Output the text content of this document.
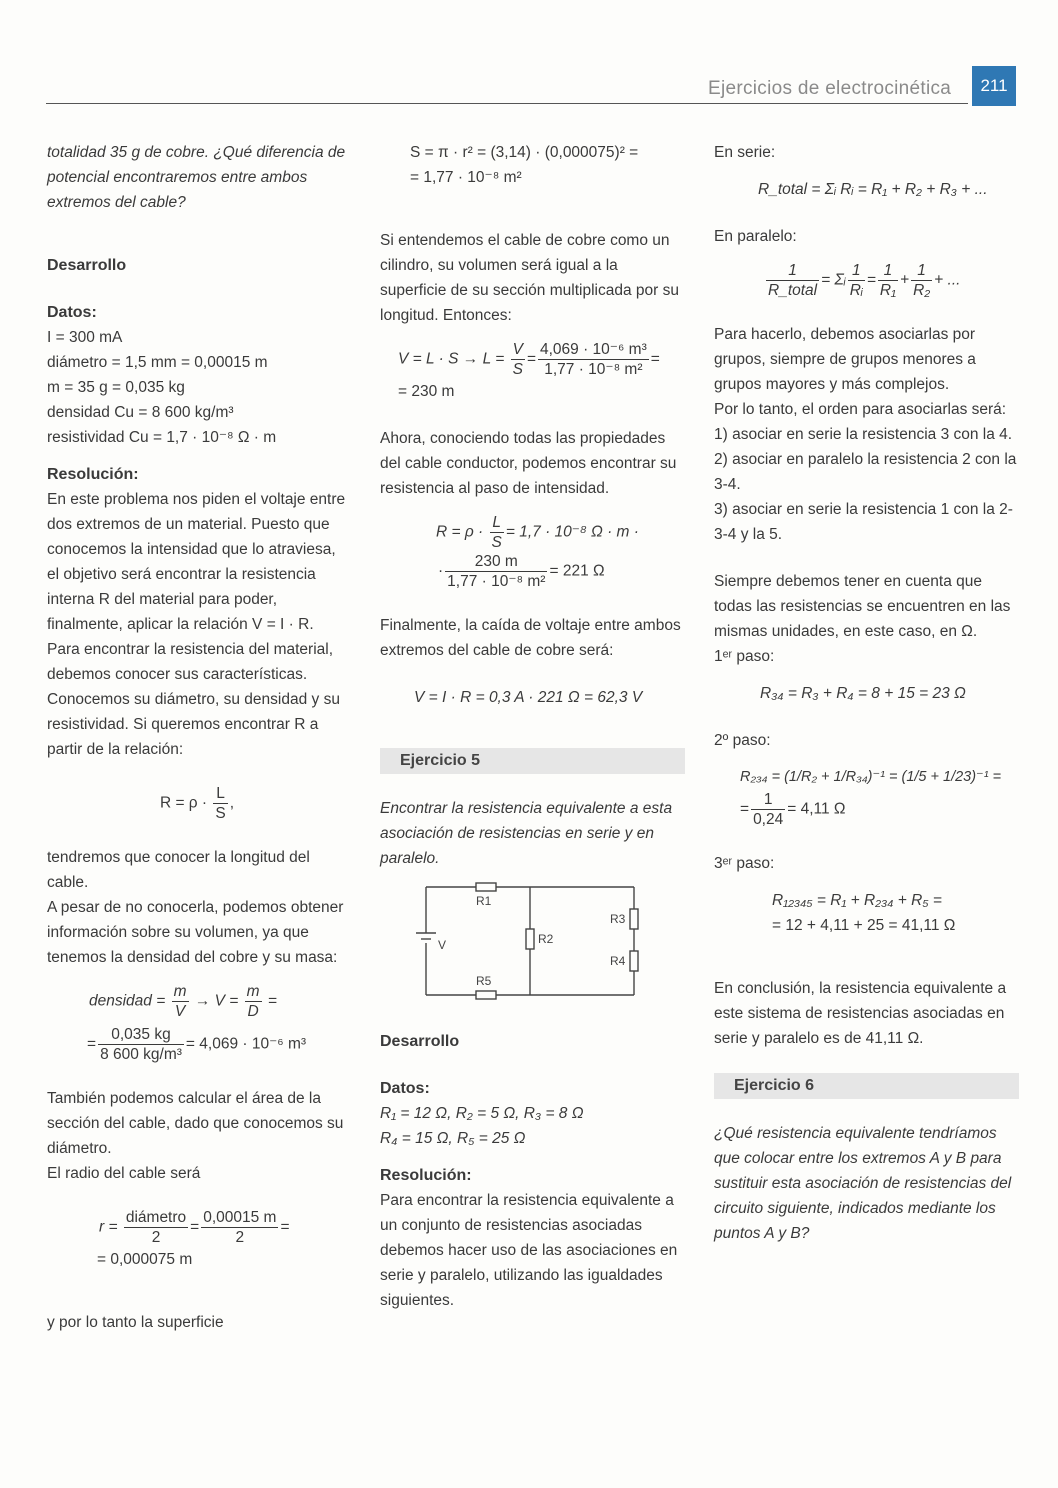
Ejercicios de electrocinética	211

totalidad 35 g de cobre. ¿Qué diferencia de potencial encontraremos entre ambos extremos del cable?

Desarrollo

Datos:

I = 300 mA

diámetro = 1,5 mm = 0,00015 m

m = 35 g = 0,035 kg

densidad Cu = 8 600 kg/m³

resistividad Cu = 1,7 · 10⁻⁸ Ω · m

Resolución:

En este problema nos piden el voltaje entre dos extremos de un material. Puesto que conocemos la intensidad que lo atraviesa, el objetivo será encontrar la resistencia interna R del material para poder, finalmente, aplicar la relación V = I · R.

Para encontrar la resistencia del material, debemos conocer sus características. Conocemos su diámetro, su densidad y su resistividad. Si queremos encontrar R a partir de la relación:

$R = \rho \cdot \frac{L}{S}$ ,

tendremos que conocer la longitud del cable.

A pesar de no conocerla, podemos obtener información sobre su volumen, ya que tenemos la densidad del cobre y su masa:

densidad = $\frac{m}{V} \to V = \frac{m}{D}$ =

= $\frac{0,035 kg}{\text{8 600 kg/m³}} = 4,069 \cdot 10^{-6}$ m³

También podemos calcular el área de la sección del cable, dado que conocemos su diámetro.

El radio del cable será

$r = \frac{\text{diámetro}}{2} = \frac{0,00015 m}{2}$ =

= 0,000075 m

y por lo tanto la superficie

S = π · r² = (3,14) · (0,000075)² =

= 1,77 · 10⁻⁸ m²

Si entendemos el cable de cobre como un cilindro, su volumen será igual a la superficie de su sección multiplicada por su longitud. Entonces:

$V = L \cdot S \to L = \frac{V}{S} = \frac{\text{4,069 · 10⁻⁶ m³}}{\text{1,77 · 10⁻⁸ m²}}$ =

= 230 m

Ahora, conociendo todas las propiedades del cable conductor, podemos encontrar su resistencia al paso de intensidad.

$R = \rho \cdot \frac{L}{S} = 1,7 \cdot 10^{-8}$ Ω · m ·

· $\frac{230 m}{\text{1,77 · 10⁻⁸ m²}} = 221$ Ω

Finalmente, la caída de voltaje entre ambos extremos del cable de cobre será:

V = I · R = 0,3 A · 221 Ω = 62,3 V

Ejercicio 5

Encontrar la resistencia equivalente a esta asociación de resistencias en serie y en paralelo.

R1
R2
R3
R4
R5
V

Desarrollo

Datos:

R₁ = 12 Ω, R₂ = 5 Ω, R₃ = 8 Ω

R₄ = 15 Ω, R₅ = 25 Ω

Resolución:

Para encontrar la resistencia equivalente a un conjunto de resistencias asociadas debemos hacer uso de las asociaciones en serie y paralelo, utilizando las igualdades siguientes.

En serie:

R_total = Σᵢ Rᵢ = R₁ + R₂ + R₃ + ...

En paralelo:

$\frac{1}{\text{R\_total}}$ = Σᵢ $\frac{1}{\text{Rᵢ}} = \frac{1}{\text{R₁}} + \frac{1}{\text{R₂}}$ + ...

Para hacerlo, debemos asociarlas por grupos, siempre de grupos menores a grupos mayores y más complejos.

Por lo tanto, el orden para asociarlas será:

1) asociar en serie la resistencia 3 con la 4.

2) asociar en paralelo la resistencia 2 con la 3-4.

3) asociar en serie la resistencia 1 con la 2-3-4 y la 5.

Siempre debemos tener en cuenta que todas las resistencias se encuentren en las mismas unidades, en este caso, en Ω.

1ᵉʳ paso:

R₃₄ = R₃ + R₄ = 8 + 15 = 23 Ω

2º paso:

R₂₃₄ = (1/R₂ + 1/R₃₄)⁻¹ = (1/5 + 1/23)⁻¹ =

= $\frac{1}{0,24} = 4,11$ Ω

3ᵉʳ paso:

R₁₂₃₄₅ = R₁ + R₂₃₄ + R₅ =

= 12 + 4,11 + 25 = 41,11 Ω

En conclusión, la resistencia equivalente a este sistema de resistencias asociadas en serie y paralelo es de 41,11 Ω.

Ejercicio 6

¿Qué resistencia equivalente tendríamos que colocar entre los extremos A y B para sustituir esta asociación de resistencias del circuito siguiente, indicados mediante los puntos A y B?
